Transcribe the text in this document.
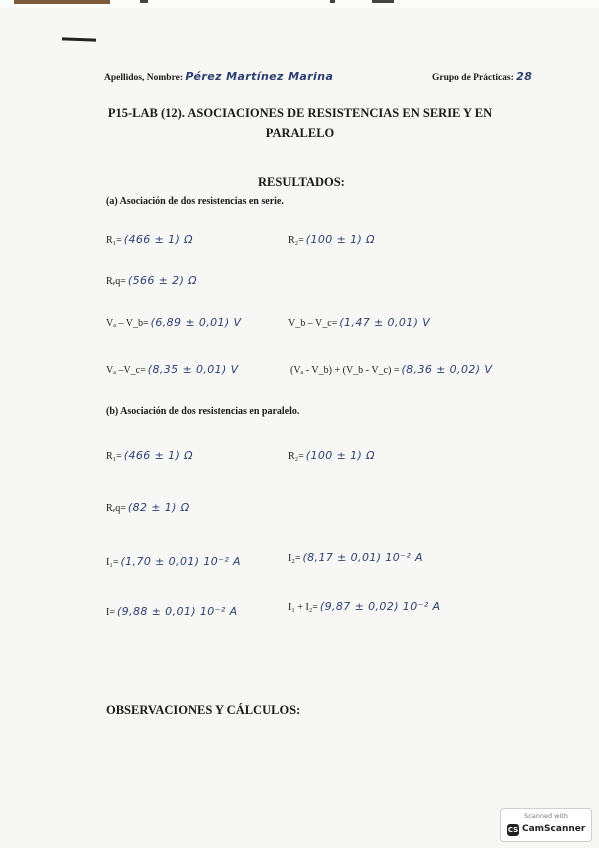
Apellidos, Nombre: Pérez Martínez Marina	Grupo de Prácticas: 28
P15-LAB (12). ASOCIACIONES DE RESISTENCIAS EN SERIE Y EN
PARALELO
RESULTADOS:
(a) Asociación de dos resistencias en serie.
R₁= (466 ± 1) Ω	R₂= (100 ± 1) Ω
Rₑq= (566 ± 2) Ω
Vₐ – V_b= (6,89 ± 0,01) V	V_b – V_c= (1,47 ± 0,01) V
Vₐ –V_c= (8,35 ± 0,01) V	(Vₐ - V_b) + (V_b - V_c) = (8,36 ± 0,02) V
(b) Asociación de dos resistencias en paralelo.
R₁= (466 ± 1) Ω	R₂= (100 ± 1) Ω
Rₑq= (82 ± 1) Ω
I₁= (1,70 ± 0,01) 10⁻² A	I₂= (8,17 ± 0,01) 10⁻² A
I= (9,88 ± 0,01) 10⁻² A	I₁ + I₂= (9,87 ± 0,02) 10⁻² A
OBSERVACIONES Y CÁLCULOS:
Scanned with
CS CamScanner
